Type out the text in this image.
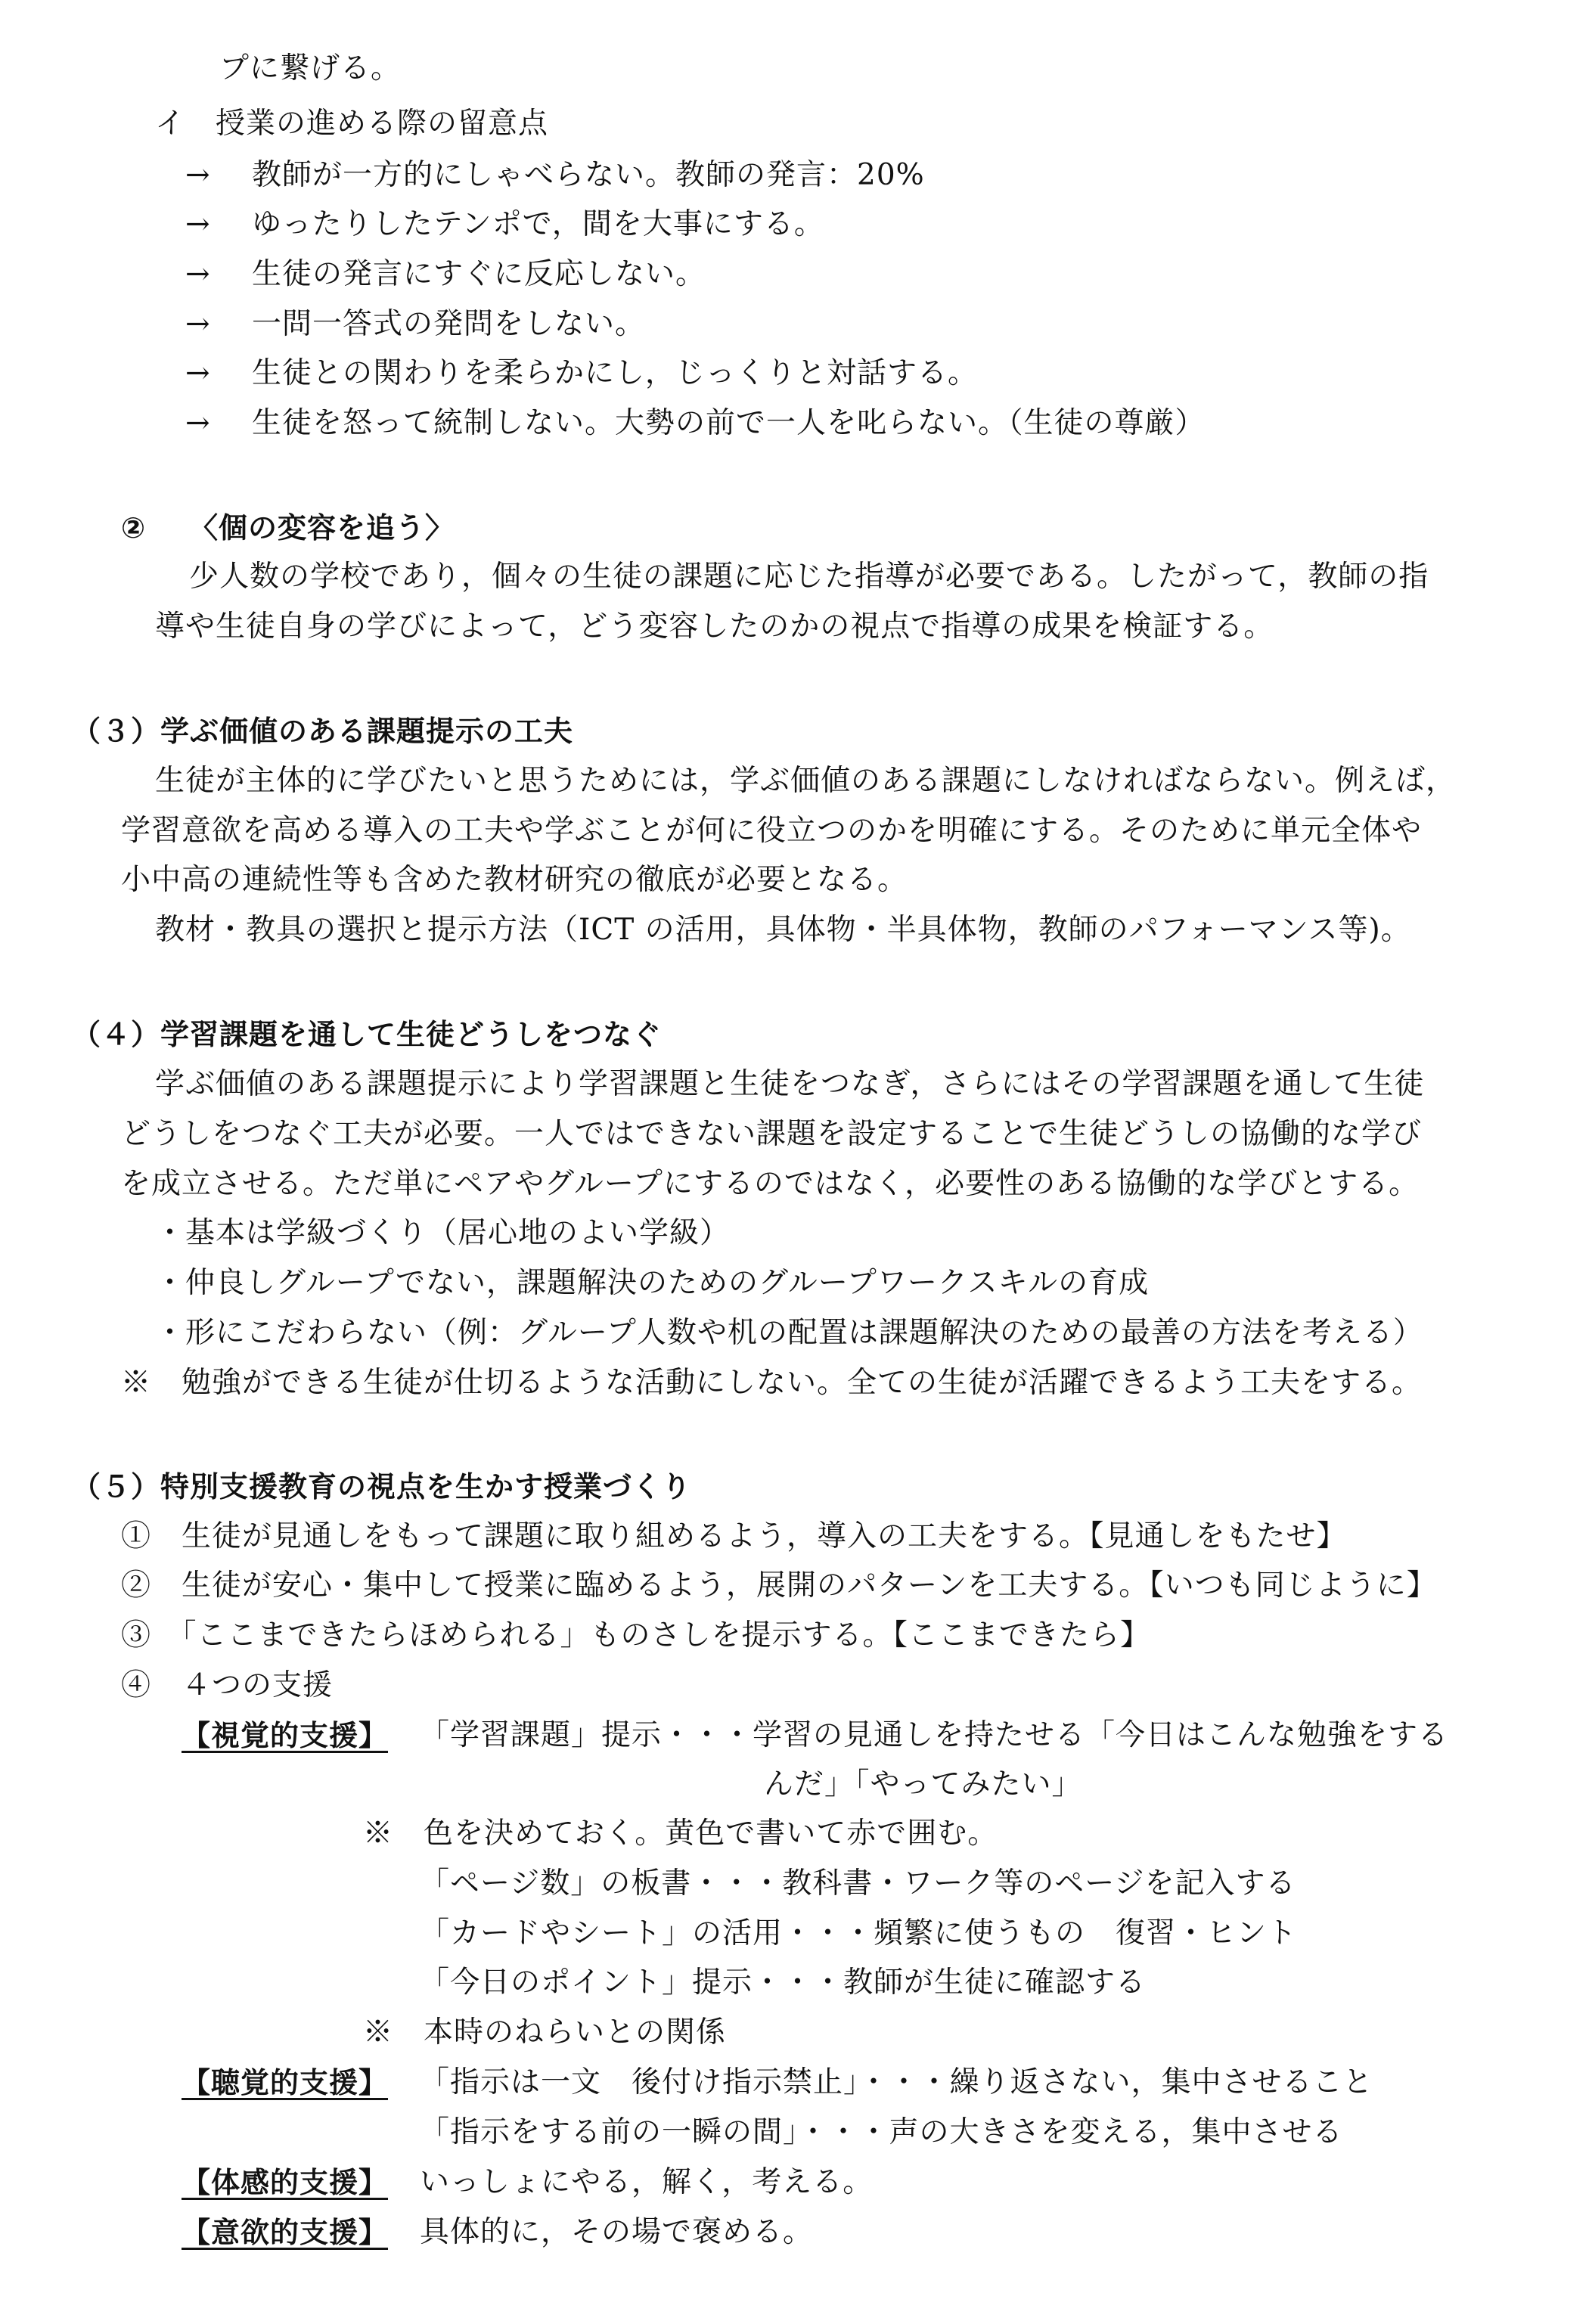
プに繋げる。
イ　授業の進める際の留意点
→ 教師が一方的にしゃべらない。教師の発言：20%
→ ゆったりしたテンポで，間を大事にする。
→ 生徒の発言にすぐに反応しない。
→ 一問一答式の発問をしない。
→ 生徒との関わりを柔らかにし，じっくりと対話する。
→ 生徒を怒って統制しない。大勢の前で一人を叱らない。（生徒の尊厳）
② 〈個の変容を追う〉
少人数の学校であり，個々の生徒の課題に応じた指導が必要である。したがって，教師の指
導や生徒自身の学びによって，どう変容したのかの視点で指導の成果を検証する。
（３）学ぶ価値のある課題提示の工夫
生徒が主体的に学びたいと思うためには，学ぶ価値のある課題にしなければならない。例えば，
学習意欲を高める導入の工夫や学ぶことが何に役立つのかを明確にする。そのために単元全体や
小中高の連続性等も含めた教材研究の徹底が必要となる。
教材・教具の選択と提示方法（ICT の活用，具体物・半具体物，教師のパフォーマンス等)。
（４）学習課題を通して生徒どうしをつなぐ
学ぶ価値のある課題提示により学習課題と生徒をつなぎ，さらにはその学習課題を通して生徒
どうしをつなぐ工夫が必要。一人ではできない課題を設定することで生徒どうしの協働的な学び
を成立させる。ただ単にペアやグループにするのではなく，必要性のある協働的な学びとする。
・基本は学級づくり（居心地のよい学級）
・仲良しグループでない，課題解決のためのグループワークスキルの育成
・形にこだわらない（例：グループ人数や机の配置は課題解決のための最善の方法を考える）
※　勉強ができる生徒が仕切るような活動にしない。全ての生徒が活躍できるよう工夫をする。
（５）特別支援教育の視点を生かす授業づくり
①　生徒が見通しをもって課題に取り組めるよう，導入の工夫をする。【見通しをもたせ】
②　生徒が安心・集中して授業に臨めるよう，展開のパターンを工夫する。【いつも同じように】
③　「ここまできたらほめられる」ものさしを提示する。【ここまできたら】
④　４つの支援
【視覚的支援】 「学習課題」提示・・・学習の見通しを持たせる「今日はこんな勉強をする
んだ」「やってみたい」
※　色を決めておく。黄色で書いて赤で囲む。
「ページ数」の板書・・・教科書・ワーク等のページを記入する
「カードやシート」の活用・・・頻繁に使うもの　復習・ヒント
「今日のポイント」提示・・・教師が生徒に確認する
※　本時のねらいとの関係
【聴覚的支援】 「指示は一文　後付け指示禁止」・・・繰り返さない，集中させること
「指示をする前の一瞬の間」・・・声の大きさを変える，集中させる
【体感的支援】 いっしょにやる，解く，考える。
【意欲的支援】 具体的に，その場で褒める。
